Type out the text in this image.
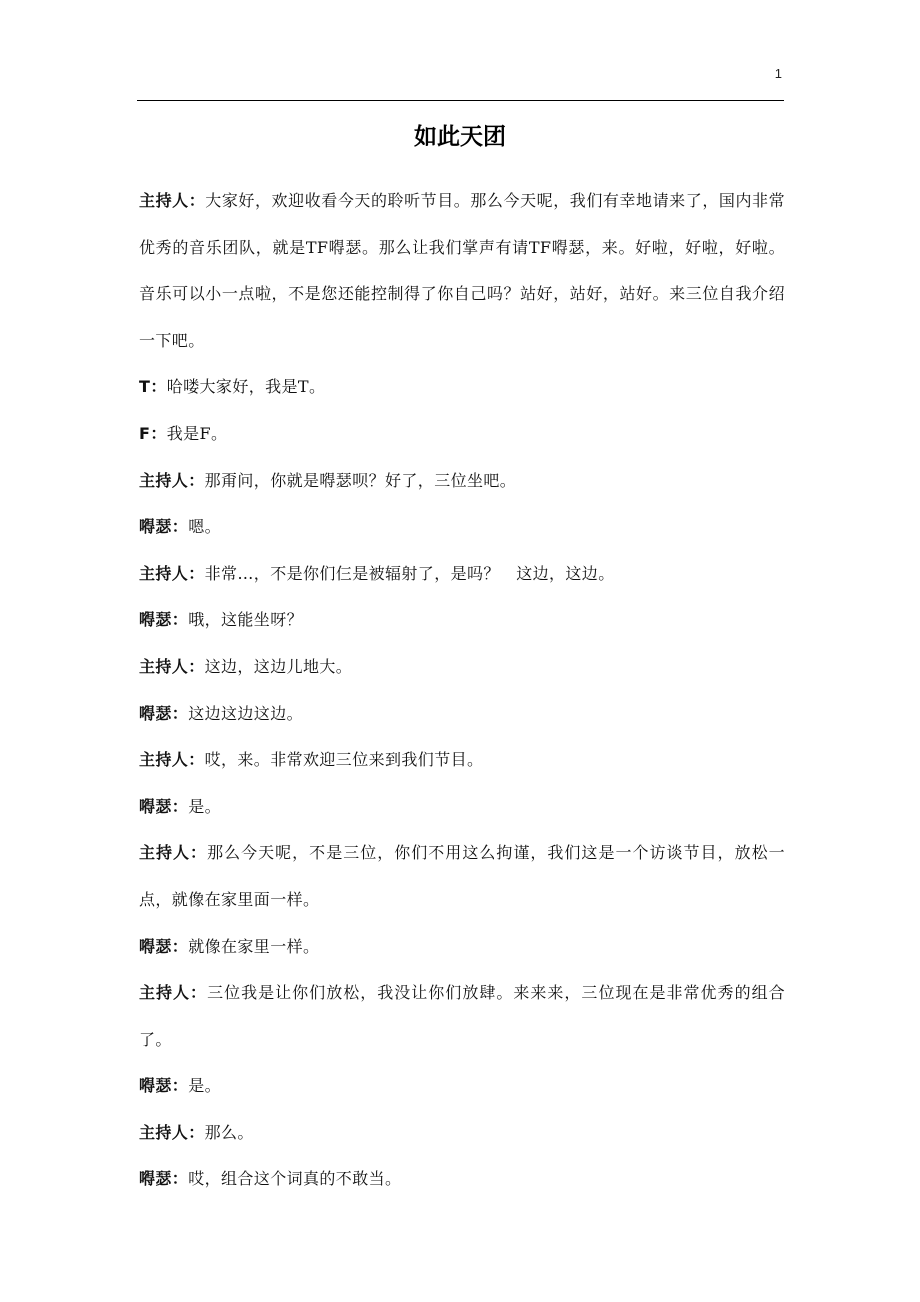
1
如此天团

主持人：大家好，欢迎收看今天的聆听节目。那么今天呢，我们有幸地请来了，国内非常优秀的音乐团队，就是TF嘚瑟。那么让我们掌声有请TF嘚瑟，来。好啦，好啦，好啦。音乐可以小一点啦，不是您还能控制得了你自己吗？站好，站好，站好。来三位自我介绍一下吧。

T：哈喽大家好，我是T。

F：我是F。

主持人：那甭问，你就是嘚瑟呗？好了，三位坐吧。

嘚瑟：嗯。

主持人：非常…，不是你们仨是被辐射了，是吗？　这边，这边。

嘚瑟：哦，这能坐呀？

主持人：这边，这边儿地大。

嘚瑟：这边这边这边。

主持人：哎，来。非常欢迎三位来到我们节目。

嘚瑟：是。

主持人：那么今天呢，不是三位，你们不用这么拘谨，我们这是一个访谈节目，放松一点，就像在家里面一样。

嘚瑟：就像在家里一样。

主持人：三位我是让你们放松，我没让你们放肆。来来来，三位现在是非常优秀的组合了。

嘚瑟：是。

主持人：那么。

嘚瑟：哎，组合这个词真的不敢当。
